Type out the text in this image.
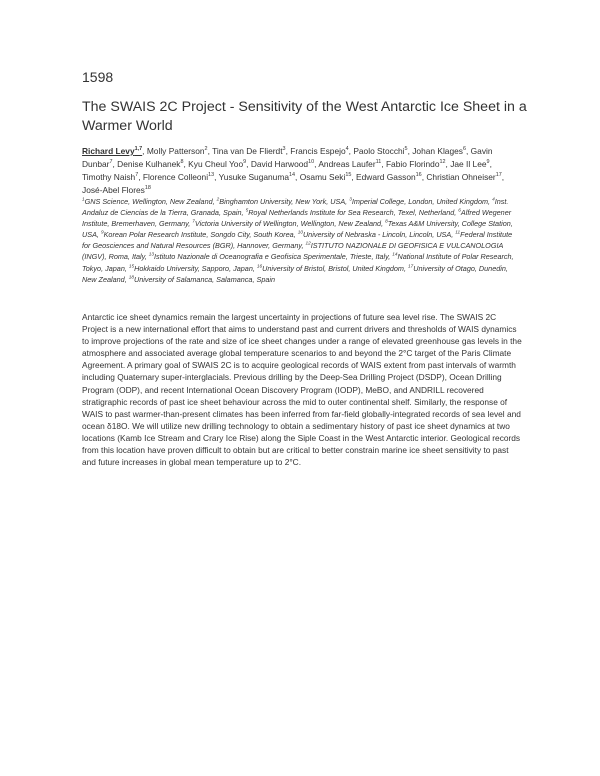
1598
The SWAIS 2C Project - Sensitivity of the West Antarctic Ice Sheet in a Warmer World
Richard Levy$^{1,7}$, Molly Patterson$^2$, Tina van De Flierdt$^3$, Francis Espejo$^4$, Paolo Stocchi$^5$, Johan Klages$^6$, Gavin Dunbar$^7$, Denise Kulhanek$^8$, Kyu Cheul Yoo$^9$, David Harwood$^{10}$, Andreas Laufer$^{11}$, Fabio Florindo$^{12}$, Jae Il Lee$^9$, Timothy Naish$^7$, Florence Colleoni$^{13}$, Yusuke Suganuma$^{14}$, Osamu Seki$^{15}$, Edward Gasson$^{16}$, Christian Ohneiser$^{17}$, José-Abel Flores$^{18}$
$^1$GNS Science, Wellington, New Zealand, $^2$Binghamton University, New York, USA, $^3$Imperial College, London, United Kingdom, $^4$Inst. Andaluz de Ciencias de la Tierra, Granada, Spain, $^5$Royal Netherlands Institute for Sea Research, Texel, Netherland, $^6$Alfred Wegener Institute, Bremerhaven, Germany, $^7$Victoria University of Wellington, Wellington, New Zealand, $^8$Texas A&M University, College Station, USA, $^9$Korean Polar Research Institute, Songdo City, South Korea, $^{10}$University of Nebraska - Lincoln, Lincoln, USA, $^{11}$Federal Institute for Geosciences and Natural Resources (BGR), Hannover, Germany, $^{12}$ISTITUTO NAZIONALE DI GEOFISICA E VULCANOLOGIA (INGV), Roma, Italy, $^{13}$Istituto Nazionale di Oceanografia e Geofisica Sperimentale, Trieste, Italy, $^{14}$National Institute of Polar Research, Tokyo, Japan, $^{15}$Hokkaido University, Sapporo, Japan, $^{16}$University of Bristol, Bristol, United Kingdom, $^{17}$University of Otago, Dunedin, New Zealand, $^{18}$University of Salamanca, Salamanca, Spain
Antarctic ice sheet dynamics remain the largest uncertainty in projections of future sea level rise. The SWAIS 2C Project is a new international effort that aims to understand past and current drivers and thresholds of WAIS dynamics to improve projections of the rate and size of ice sheet changes under a range of elevated greenhouse gas levels in the atmosphere and associated average global temperature scenarios to and beyond the 2°C target of the Paris Climate Agreement. A primary goal of SWAIS 2C is to acquire geological records of WAIS extent from past intervals of warmth including Quaternary super-interglacials. Previous drilling by the Deep-Sea Drilling Project (DSDP), Ocean Drilling Program (ODP), and recent International Ocean Discovery Program (IODP), MeBO, and ANDRILL recovered stratigraphic records of past ice sheet behaviour across the mid to outer continental shelf. Similarly, the response of WAIS to past warmer-than-present climates has been inferred from far-field globally-integrated records of sea level and ocean δ18O. We will utilize new drilling technology to obtain a sedimentary history of past ice sheet dynamics at two locations (Kamb Ice Stream and Crary Ice Rise) along the Siple Coast in the West Antarctic interior. Geological records from this location have proven difficult to obtain but are critical to better constrain marine ice sheet sensitivity to past and future increases in global mean temperature up to 2°C.
